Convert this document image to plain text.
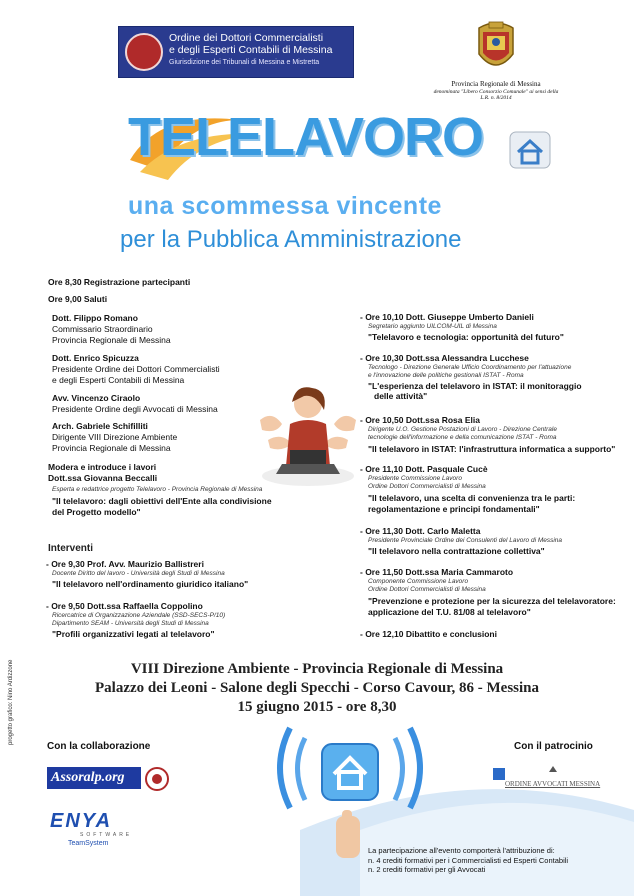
Ordine dei Dottori Commercialisti
e degli Esperti Contabili di Messina
Giurisdizione dei Tribunali di Messina e Mistretta
Provincia Regionale di Messina
denominata "Libero Consorzio Comunale" ai sensi della L.R. n. 8/2014
TELELAVORO
una scommessa vincente
per la Pubblica Amministrazione
Ore 8,30 Registrazione partecipanti
Ore 9,00 Saluti
Dott. Filippo Romano
Commissario Straordinario
Provincia Regionale di Messina
Dott. Enrico Spicuzza
Presidente Ordine dei Dottori Commercialisti
e degli Esperti Contabili di Messina
Avv. Vincenzo Ciraolo
Presidente Ordine degli Avvocati di Messina
Arch. Gabriele Schifilliti
Dirigente VIII Direzione Ambiente
Provincia Regionale di Messina
Modera e introduce i lavori
Dott.ssa Giovanna Beccalli
Esperta e redattrice progetto Telelavoro - Provincia Regionale di Messina
"Il telelavoro: dagli obiettivi dell'Ente alla condivisione
del Progetto modello"
Interventi
- Ore 9,30 Prof. Avv. Maurizio Ballistreri
Docente Diritto del lavoro - Università degli Studi di Messina
"Il telelavoro nell'ordinamento giuridico italiano"
- Ore 9,50 Dott.ssa Raffaella Coppolino
Ricercatrice di Organizzazione Aziendale (SSD-SECS-P/10)
Dipartimento SEAM - Università degli Studi di Messina
"Profili organizzativi legati al telelavoro"
- Ore 10,10 Dott. Giuseppe Umberto Danieli
Segretario aggiunto UILCOM-UIL di Messina
"Telelavoro e tecnologia: opportunità del futuro"
- Ore 10,30 Dott.ssa Alessandra Lucchese
Tecnologo - Direzione Generale Ufficio Coordinamento per l'attuazione
e l'innovazione delle politiche gestionali ISTAT - Roma
"L'esperienza del telelavoro in ISTAT: il monitoraggio
delle attività"
- Ore 10,50 Dott.ssa Rosa Elia
Dirigente U.O. Gestione Postazioni di Lavoro - Direzione Centrale
tecnologie dell'informazione e della comunicazione ISTAT - Roma
"Il telelavoro in ISTAT: l'infrastruttura informatica a supporto"
- Ore 11,10 Dott. Pasquale Cucè
Presidente Commissione Lavoro
Ordine Dottori Commercialisti di Messina
"Il telelavoro, una scelta di convenienza tra le parti:
regolamentazione e principi fondamentali"
- Ore 11,30 Dott. Carlo Maletta
Presidente Provinciale Ordine dei Consulenti del Lavoro di Messina
"Il telelavoro nella contrattazione collettiva"
- Ore 11,50 Dott.ssa Maria Cammaroto
Componente Commissione Lavoro
Ordine Dottori Commercialisti di Messina
"Prevenzione e protezione per la sicurezza del telelavoratore:
applicazione del T.U. 81/08 al telelavoro"
- Ore 12,10 Dibattito e conclusioni
VIII Direzione Ambiente - Provincia Regionale di Messina
Palazzo dei Leoni - Salone degli Specchi - Corso Cavour, 86 - Messina
15 giugno 2015 - ore 8,30
Con la collaborazione	Con il patrocinio
Assoralp.org
ENYA
SOFTWARE
TeamSystem
ORDINE AVVOCATI MESSINA
progetto grafico: Nino Ardizzone
La partecipazione all'evento comporterà l'attribuzione di:
n. 4 crediti formativi per i Commercialisti ed Esperti Contabili
n. 2 crediti formativi per gli Avvocati
